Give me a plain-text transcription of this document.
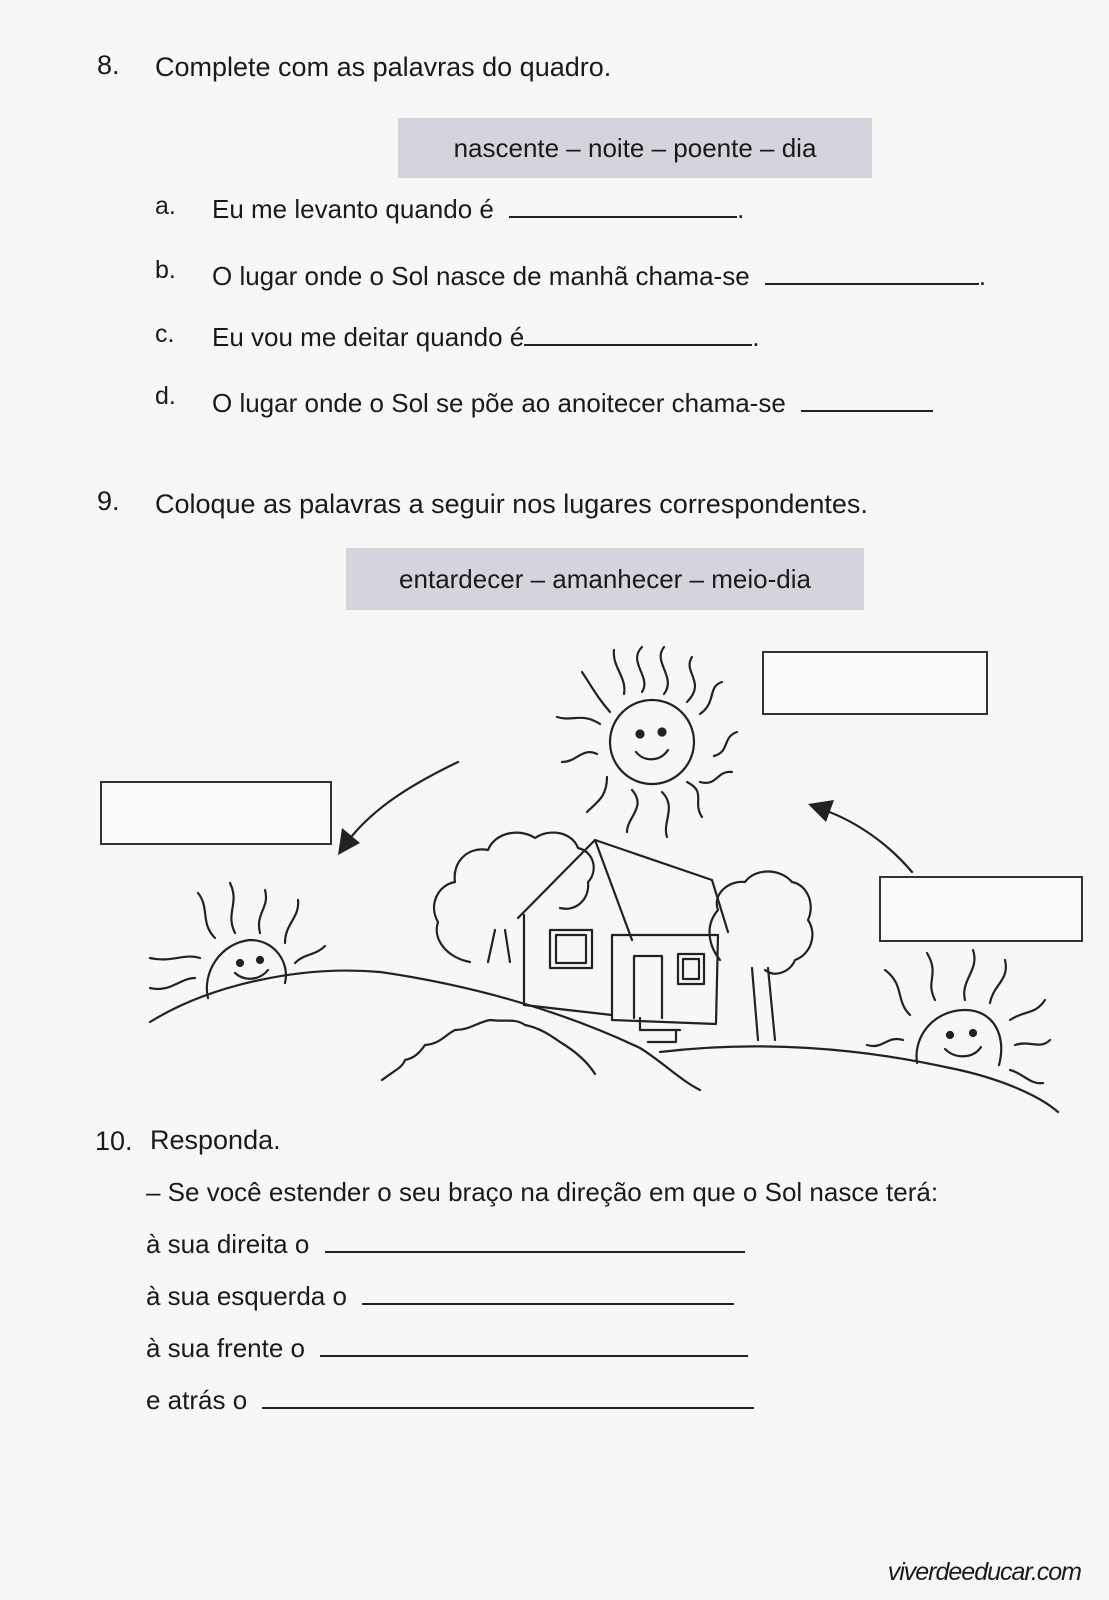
8. Complete com as palavras do quadro.
nascente – noite – poente – dia
a. Eu me levanto quando é	.
b. O lugar onde o Sol nasce de manhã chama-se	.
c. Eu vou me deitar quando é	.
d. O lugar onde o Sol se põe ao anoitecer chama-se
9. Coloque as palavras a seguir nos lugares correspondentes.
entardecer – amanhecer – meio-dia
10. Responda.
– Se você estender o seu braço na direção em que o Sol nasce terá:
à sua direita o
à sua esquerda o
à sua frente o
e atrás o
viverdeeducar.com
